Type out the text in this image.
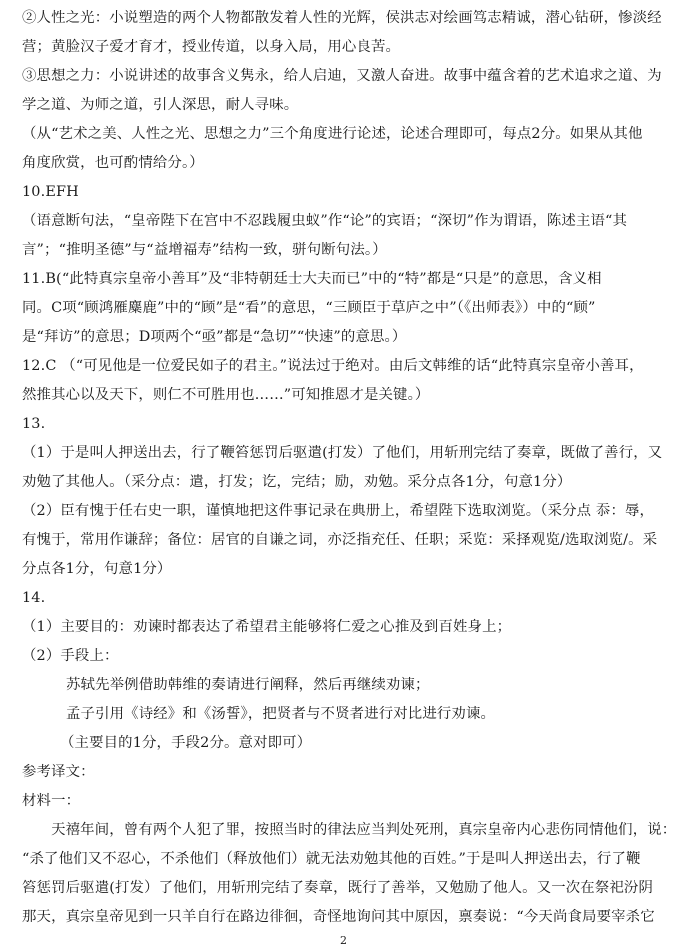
②人性之光：小说塑造的两个人物都散发着人性的光辉，侯洪志对绘画笃志精诚，潜心钻研，惨淡经
营；黄脸汉子爱才育才，授业传道，以身入局，用心良苦。
③思想之力：小说讲述的故事含义隽永，给人启迪，又激人奋进。故事中蕴含着的艺术追求之道、为
学之道、为师之道，引人深思，耐人寻味。
（从“艺术之美、人性之光、思想之力”三个角度进行论述，论述合理即可，每点2分。如果从其他
角度欣赏，也可酌情给分。）
10.EFH
（语意断句法，“皇帝陛下在宫中不忍践履虫蚁”作“论”的宾语；“深切”作为谓语，陈述主语“其
言”；“推明圣德”与“益增福寿”结构一致，骈句断句法。）
11.B(“此特真宗皇帝小善耳”及“非特朝廷士大夫而已”中的“特”都是“只是”的意思，含义相
同。C项“顾鸿雁麋鹿”中的“顾”是“看”的意思，“三顾臣于草庐之中”（《出师表》）中的“顾”
是“拜访”的意思；D项两个“亟”都是“急切”“快速”的意思。）
12.C （“可见他是一位爱民如子的君主。”说法过于绝对。由后文韩维的话“此特真宗皇帝小善耳，
然推其心以及天下，则仁不可胜用也……”可知推恩才是关键。）
13.
（1）于是叫人押送出去，行了鞭笞惩罚后驱遣(打发）了他们，用斩刑完结了奏章，既做了善行，又
劝勉了其他人。（采分点：遣，打发；讫，完结；励，劝勉。采分点各1分，句意1分）
（2）臣有愧于任右史一职，谨慎地把这件事记录在典册上，希望陛下选取浏览。（采分点 忝：辱，
有愧于，常用作谦辞；备位：居官的自谦之词，亦泛指充任、任职；采览：采择观览/选取浏览/。采
分点各1分，句意1分）
14.
（1）主要目的：劝谏时都表达了希望君主能够将仁爱之心推及到百姓身上；
（2）手段上：
苏轼先举例借助韩维的奏请进行阐释，然后再继续劝谏；
孟子引用《诗经》和《汤誓》，把贤者与不贤者进行对比进行劝谏。
（主要目的1分，手段2分。意对即可）
参考译文：
材料一：
　　天禧年间，曾有两个人犯了罪，按照当时的律法应当判处死刑，真宗皇帝内心悲伤同情他们，说：
“杀了他们又不忍心，不杀他们（释放他们）就无法劝勉其他的百姓。”于是叫人押送出去，行了鞭
笞惩罚后驱遣(打发）了他们，用斩刑完结了奏章，既行了善举，又勉励了他人。又一次在祭祀汾阴
那天，真宗皇帝见到一只羊自行在路边徘徊，奇怪地询问其中原因，禀奏说：“今天尚食局要宰杀它
2
